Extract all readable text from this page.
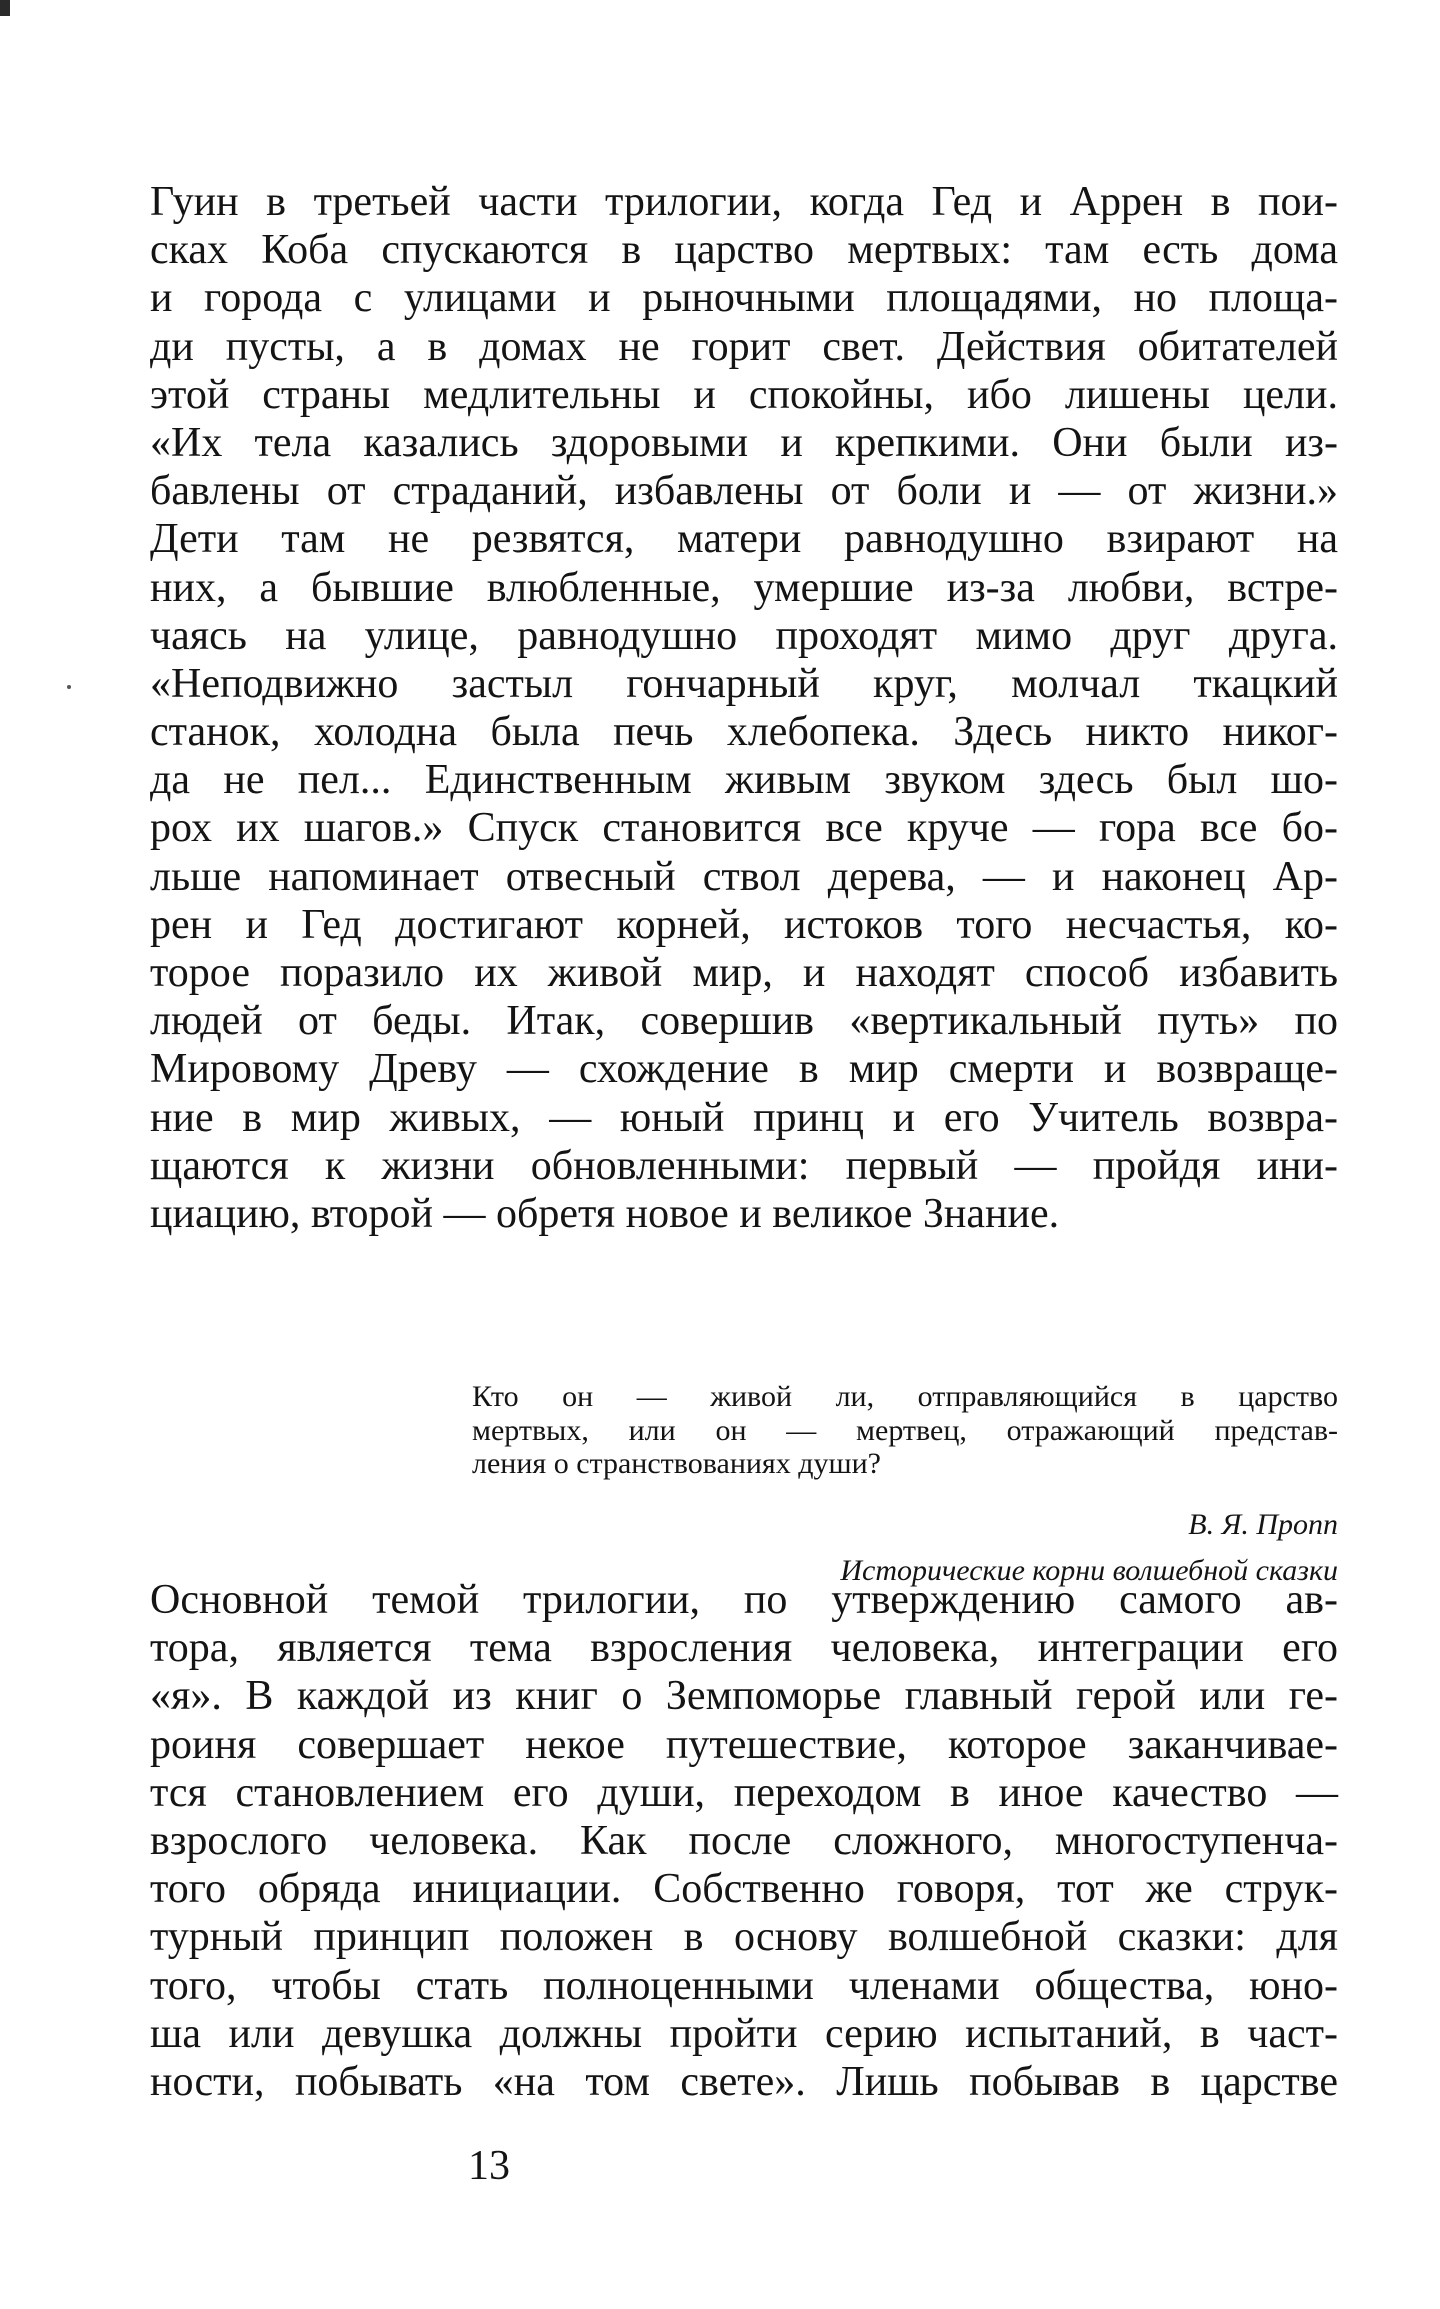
Гуин в третьей части трилогии, когда Гед и Аррен в пои-
сках Коба спускаются в царство мертвых: там есть дома
и города с улицами и рыночными площадями, но площа-
ди пусты, а в домах не горит свет. Действия обитателей
этой страны медлительны и спокойны, ибо лишены цели.
«Их тела казались здоровыми и крепкими. Они были из-
бавлены от страданий, избавлены от боли и — от жизни.»
Дети там не резвятся, матери равнодушно взирают на
них, а бывшие влюбленные, умершие из-за любви, встре-
чаясь на улице, равнодушно проходят мимо друг друга.
«Неподвижно застыл гончарный круг, молчал ткацкий
станок, холодна была печь хлебопека. Здесь никто никог-
да не пел... Единственным живым звуком здесь был шо-
рох их шагов.» Спуск становится все круче — гора все бо-
льше напоминает отвесный ствол дерева, — и наконец Ар-
рен и Гед достигают корней, истоков того несчастья, ко-
торое поразило их живой мир, и находят способ избавить
людей от беды. Итак, совершив «вертикальный путь» по
Мировому Древу — схождение в мир смерти и возвраще-
ние в мир живых, — юный принц и его Учитель возвра-
щаются к жизни обновленными: первый — пройдя ини-
циацию, второй — обретя новое и великое Знание.
Кто он — живой ли, отправляющийся в царство
мертвых, или он — мертвец, отражающий представ-
ления о странствованиях души?
В. Я. Пропп
Исторические корни волшебной сказки
Основной темой трилогии, по утверждению самого ав-
тора, является тема взросления человека, интеграции его
«я». В каждой из книг о Земпоморье главный герой или ге-
роиня совершает некое путешествие, которое заканчивае-
тся становлением его души, переходом в иное качество —
взрослого человека. Как после сложного, многоступенча-
того обряда инициации. Собственно говоря, тот же струк-
турный принцип положен в основу волшебной сказки: для
того, чтобы стать полноценными членами общества, юно-
ша или девушка должны пройти серию испытаний, в част-
ности, побывать «на том свете». Лишь побывав в царстве
13
